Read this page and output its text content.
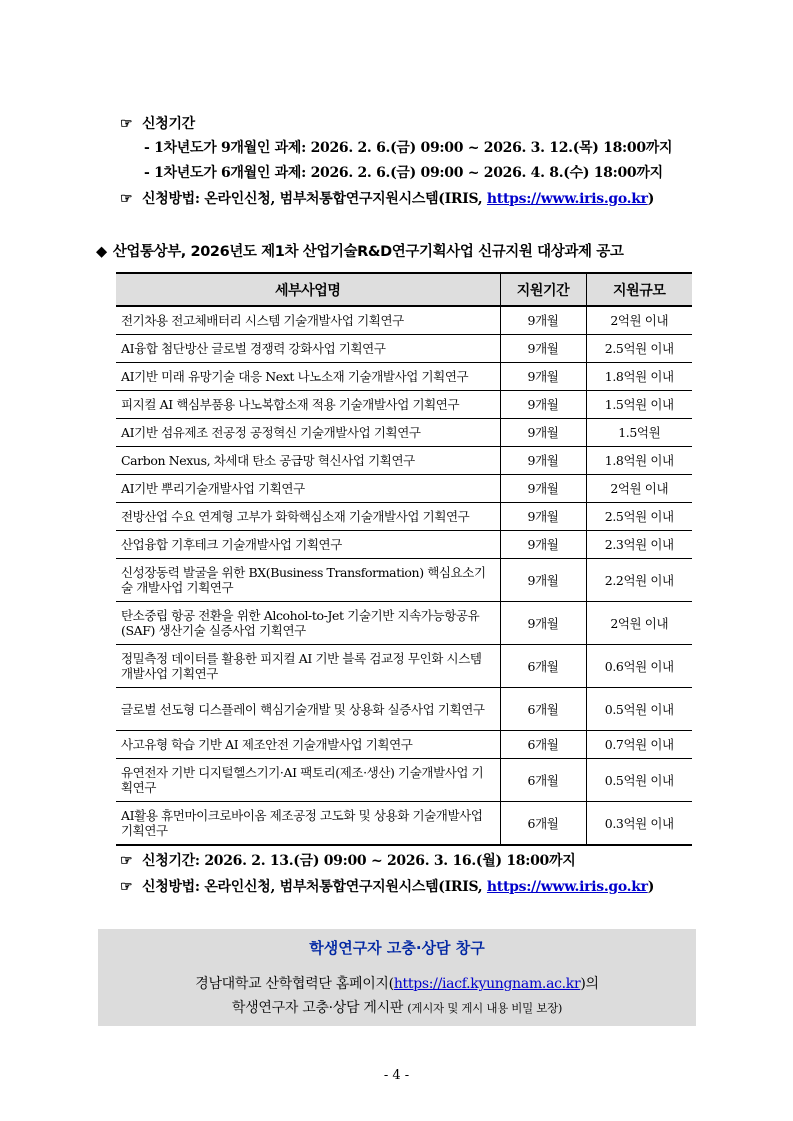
☞ 신청기간
- 1차년도가 9개월인 과제: 2026. 2. 6.(금) 09:00 ~ 2026. 3. 12.(목) 18:00까지
- 1차년도가 6개월인 과제: 2026. 2. 6.(금) 09:00 ~ 2026. 4. 8.(수) 18:00까지
☞ 신청방법: 온라인신청, 범부처통합연구지원시스템(IRIS, https://www.iris.go.kr)
◆ 산업통상부, 2026년도 제1차 산업기술R&D연구기획사업 신규지원 대상과제 공고
세부사업명	지원기간	지원규모
전기차용 전고체배터리 시스템 기술개발사업 기획연구	9개월	2억원 이내
AI융합 첨단방산 글로벌 경쟁력 강화사업 기획연구	9개월	2.5억원 이내
AI기반 미래 유망기술 대응 Next 나노소재 기술개발사업 기획연구	9개월	1.8억원 이내
피지컬 AI 핵심부품용 나노복합소재 적용 기술개발사업 기획연구	9개월	1.5억원 이내
AI기반 섬유제조 전공정 공정혁신 기술개발사업 기획연구	9개월	1.5억원
Carbon Nexus, 차세대 탄소 공급망 혁신사업 기획연구	9개월	1.8억원 이내
AI기반 뿌리기술개발사업 기획연구	9개월	2억원 이내
전방산업 수요 연계형 고부가 화학핵심소재 기술개발사업 기획연구	9개월	2.5억원 이내
산업융합 기후테크 기술개발사업 기획연구	9개월	2.3억원 이내
신성장동력 발굴을 위한 BX(Business Transformation) 핵심요소기술 개발사업 기획연구	9개월	2.2억원 이내
탄소중립 항공 전환을 위한 Alcohol-to-Jet 기술기반 지속가능항공유(SAF) 생산기술 실증사업 기획연구	9개월	2억원 이내
정밀측정 데이터를 활용한 피지컬 AI 기반 블록 검교정 무인화 시스템 개발사업 기획연구	6개월	0.6억원 이내
글로벌 선도형 디스플레이 핵심기술개발 및 상용화 실증사업 기획연구	6개월	0.5억원 이내
사고유형 학습 기반 AI 제조안전 기술개발사업 기획연구	6개월	0.7억원 이내
유연전자 기반 디지털헬스기기·AI 팩토리(제조·생산) 기술개발사업 기획연구	6개월	0.5억원 이내
AI활용 휴먼마이크로바이옴 제조공정 고도화 및 상용화 기술개발사업 기획연구	6개월	0.3억원 이내
☞ 신청기간: 2026. 2. 13.(금) 09:00 ~ 2026. 3. 16.(월) 18:00까지
☞ 신청방법: 온라인신청, 범부처통합연구지원시스템(IRIS, https://www.iris.go.kr)
학생연구자 고충·상담 창구
경남대학교 산학협력단 홈페이지(https://iacf.kyungnam.ac.kr)의
학생연구자 고충·상담 게시판 (게시자 및 게시 내용 비밀 보장)
- 4 -
